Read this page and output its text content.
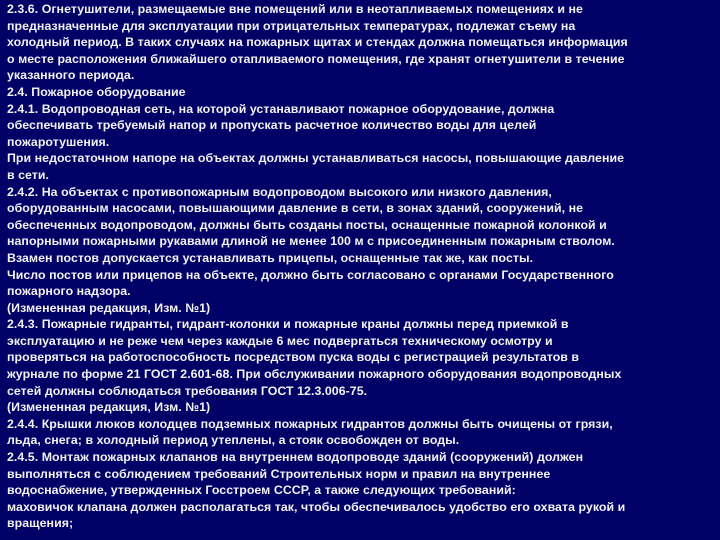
2.3.6. Огнетушители, размещаемые вне помещений или в неотапливаемых помещениях и не
предназначенные для эксплуатации при отрицательных температурах, подлежат съему на
холодный период. В таких случаях на пожарных щитах и стендах должна помещаться информация
о месте расположения ближайшего отапливаемого помещения, где хранят огнетушители в течение
указанного периода.
2.4. Пожарное оборудование
2.4.1. Водопроводная сеть, на которой устанавливают пожарное оборудование, должна
обеспечивать требуемый напор и пропускать расчетное количество воды для целей
пожаротушения.
При недостаточном напоре на объектах должны устанавливаться насосы, повышающие давление
в сети.
2.4.2. На объектах с противопожарным водопроводом высокого или низкого давления,
оборудованным насосами, повышающими давление в сети, в зонах зданий, сооружений, не
обеспеченных водопроводом, должны быть созданы посты, оснащенные пожарной колонкой и
напорными пожарными рукавами длиной не менее 100 м с присоединенным пожарным стволом.
Взамен постов допускается устанавливать прицепы, оснащенные так же, как посты.
Число постов или прицепов на объекте, должно быть согласовано с органами Государственного
пожарного надзора.
(Измененная редакция, Изм. №1)
2.4.3. Пожарные гидранты, гидрант-колонки и пожарные краны должны перед приемкой в
эксплуатацию и не реже чем через каждые 6 мес подвергаться техническому осмотру и
проверяться на работоспособность посредством пуска воды с регистрацией результатов в
журнале по форме 21 ГОСТ 2.601-68. При обслуживании пожарного оборудования водопроводных
сетей должны соблюдаться требования ГОСТ 12.3.006-75.
(Измененная редакция, Изм. №1)
2.4.4. Крышки люков колодцев подземных пожарных гидрантов должны быть очищены от грязи,
льда, снега; в холодный период утеплены, а стояк освобожден от воды.
2.4.5. Монтаж пожарных клапанов на внутреннем водопроводе зданий (сооружений) должен
выполняться с соблюдением требований Строительных норм и правил на внутреннее
водоснабжение, утвержденных Госстроем СССР, а также следующих требований:
маховичок клапана должен располагаться так, чтобы обеспечивалось удобство его охвата рукой и
вращения;
